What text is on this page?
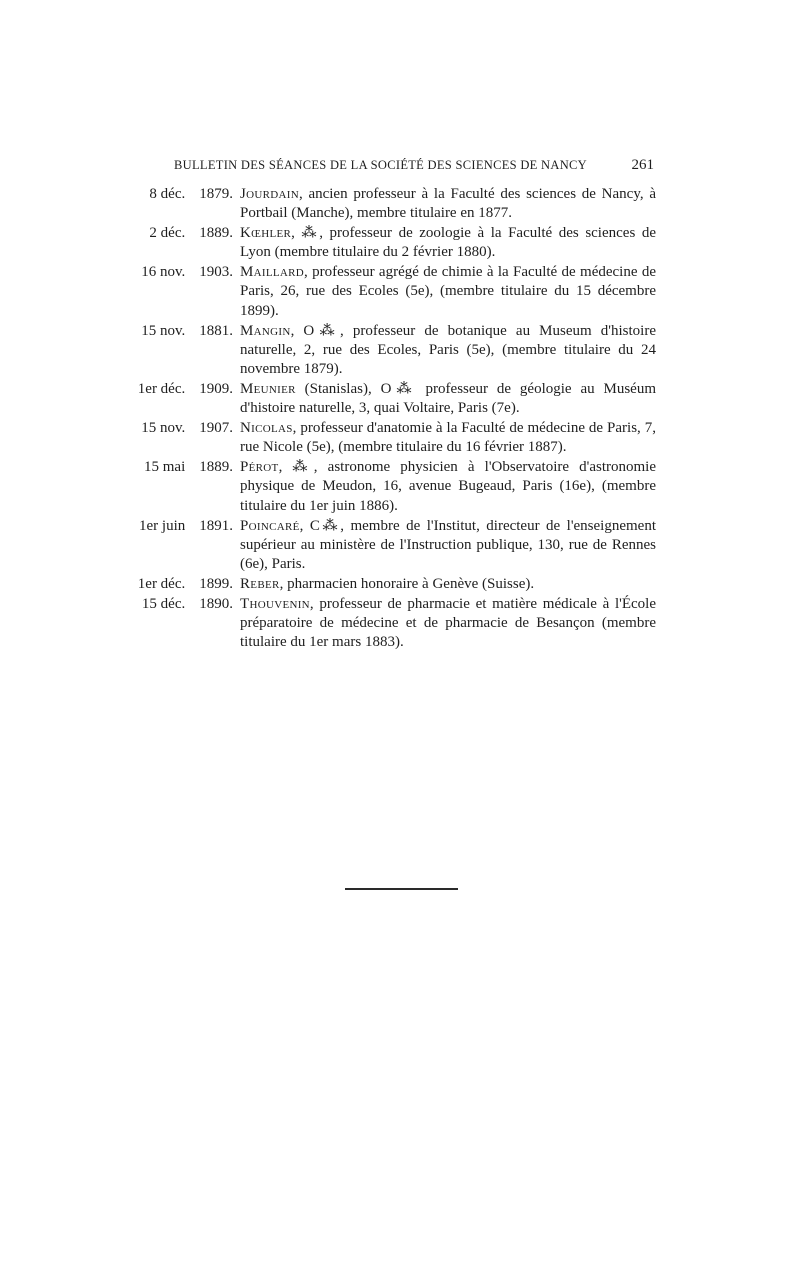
BULLETIN DES SÉANCES DE LA SOCIÉTÉ DES SCIENCES DE NANCY	261
8 déc. 1879. Jourdain, ancien professeur à la Faculté des sciences de Nancy, à Portbail (Manche), membre titulaire en 1877.
2 déc. 1889. Kœhler, ⁂, professeur de zoologie à la Faculté des sciences de Lyon (membre titulaire du 2 février 1880).
16 nov. 1903. Maillard, professeur agrégé de chimie à la Faculté de médecine de Paris, 26, rue des Ecoles (5e), (membre titulaire du 15 décembre 1899).
15 nov. 1881. Mangin, O⁂, professeur de botanique au Museum d'histoire naturelle, 2, rue des Ecoles, Paris (5e), (membre titulaire du 24 novembre 1879).
1er déc. 1909. Meunier (Stanislas), O⁂ professeur de géologie au Muséum d'histoire naturelle, 3, quai Voltaire, Paris (7e).
15 nov. 1907. Nicolas, professeur d'anatomie à la Faculté de médecine de Paris, 7, rue Nicole (5e), (membre titulaire du 16 février 1887).
15 mai 1889. Pérot, ⁂, astronome physicien à l'Observatoire d'astronomie physique de Meudon, 16, avenue Bugeaud, Paris (16e), (membre titulaire du 1er juin 1886).
1er juin 1891. Poincaré, C⁂, membre de l'Institut, directeur de l'enseignement supérieur au ministère de l'Instruction publique, 130, rue de Rennes (6e), Paris.
1er déc. 1899. Reber, pharmacien honoraire à Genève (Suisse).
15 déc. 1890. Thouvenin, professeur de pharmacie et matière médicale à l'École préparatoire de médecine et de pharmacie de Besançon (membre titulaire du 1er mars 1883).
